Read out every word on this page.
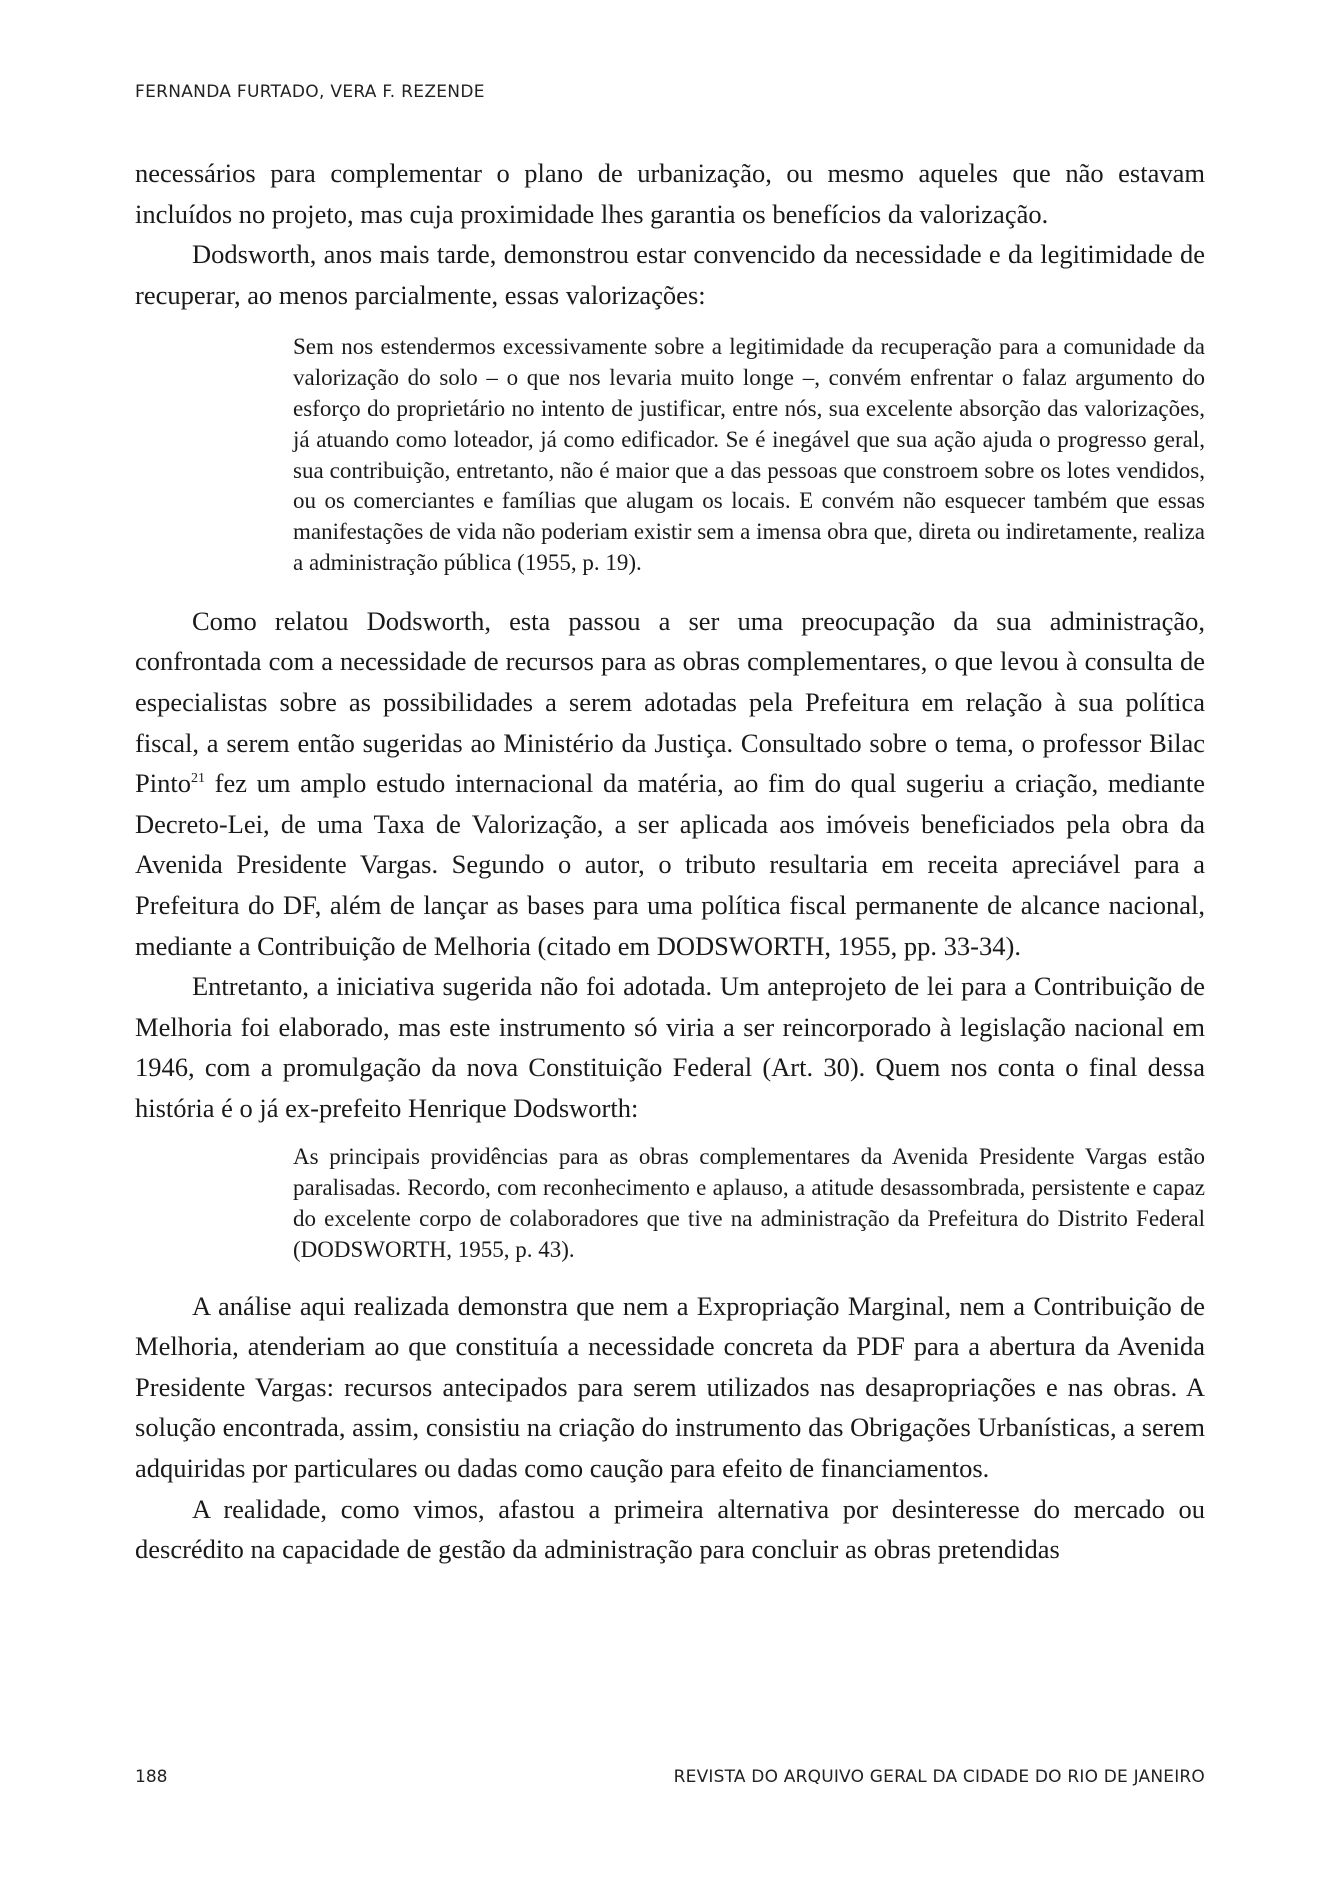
FERNANDA FURTADO, VERA F. REZENDE

necessários para complementar o plano de urbanização, ou mesmo aqueles que não estavam incluídos no projeto, mas cuja proximidade lhes garantia os benefícios da valorização.

Dodsworth, anos mais tarde, demonstrou estar convencido da necessidade e da legitimidade de recuperar, ao menos parcialmente, essas valorizações:

Sem nos estendermos excessivamente sobre a legitimidade da recuperação para a comunidade da valorização do solo – o que nos levaria muito longe –, convém enfrentar o falaz argumento do esforço do proprietário no intento de justificar, entre nós, sua excelente absorção das valorizações, já atuando como loteador, já como edificador. Se é inegável que sua ação ajuda o progresso geral, sua contribuição, entretanto, não é maior que a das pessoas que constroem sobre os lotes vendidos, ou os comerciantes e famílias que alugam os locais. E convém não esquecer também que essas manifestações de vida não poderiam existir sem a imensa obra que, direta ou indiretamente, realiza a administração pública (1955, p. 19).

Como relatou Dodsworth, esta passou a ser uma preocupação da sua administração, confrontada com a necessidade de recursos para as obras complementares, o que levou à consulta de especialistas sobre as possibilidades a serem adotadas pela Prefeitura em relação à sua política fiscal, a serem então sugeridas ao Ministério da Justiça. Consultado sobre o tema, o professor Bilac Pinto$^{21}$ fez um amplo estudo internacional da matéria, ao fim do qual sugeriu a criação, mediante Decreto-Lei, de uma Taxa de Valorização, a ser aplicada aos imóveis beneficiados pela obra da Avenida Presidente Vargas. Segundo o autor, o tributo resultaria em receita apreciável para a Prefeitura do DF, além de lançar as bases para uma política fiscal permanente de alcance nacional, mediante a Contribuição de Melhoria (citado em DODSWORTH, 1955, pp. 33-34).

Entretanto, a iniciativa sugerida não foi adotada. Um anteprojeto de lei para a Contribuição de Melhoria foi elaborado, mas este instrumento só viria a ser reincorporado à legislação nacional em 1946, com a promulgação da nova Constituição Federal (Art. 30). Quem nos conta o final dessa história é o já ex-prefeito Henrique Dodsworth:

As principais providências para as obras complementares da Avenida Presidente Vargas estão paralisadas. Recordo, com reconhecimento e aplauso, a atitude desassombrada, persistente e capaz do excelente corpo de colaboradores que tive na administração da Prefeitura do Distrito Federal (DODSWORTH, 1955, p. 43).

A análise aqui realizada demonstra que nem a Expropriação Marginal, nem a Contribuição de Melhoria, atenderiam ao que constituía a necessidade concreta da PDF para a abertura da Avenida Presidente Vargas: recursos antecipados para serem utilizados nas desapropriações e nas obras. A solução encontrada, assim, consistiu na criação do instrumento das Obrigações Urbanísticas, a serem adquiridas por particulares ou dadas como caução para efeito de financiamentos.

A realidade, como vimos, afastou a primeira alternativa por desinteresse do mercado ou descrédito na capacidade de gestão da administração para concluir as obras pretendidas

188	REVISTA DO ARQUIVO GERAL DA CIDADE DO RIO DE JANEIRO
